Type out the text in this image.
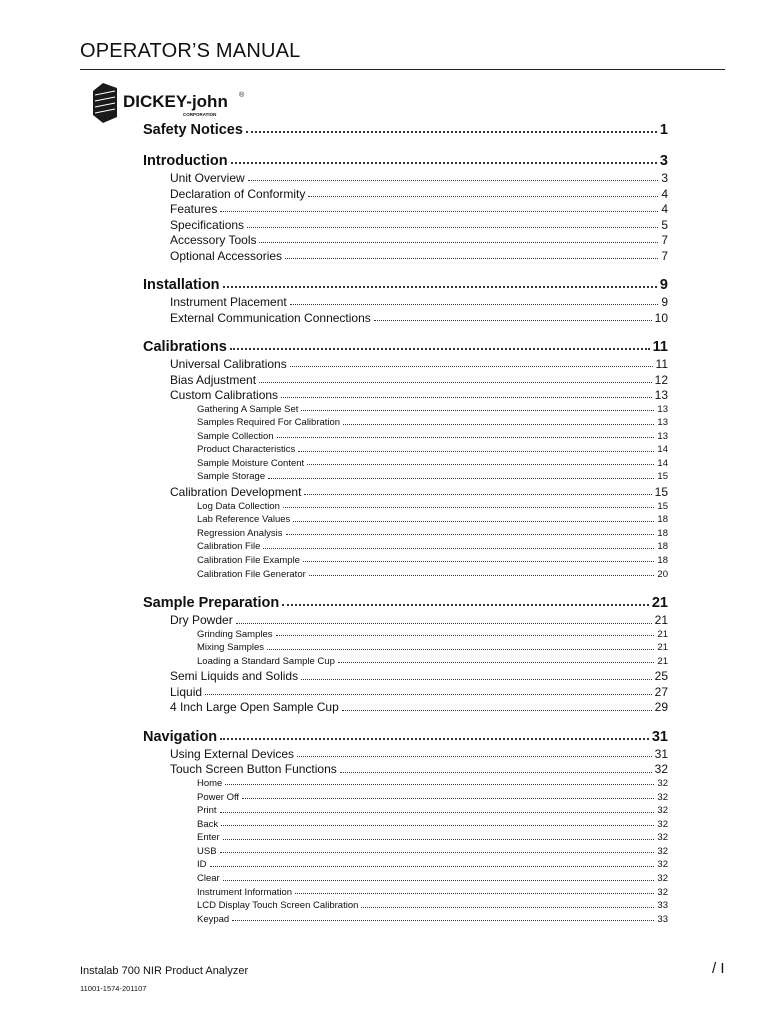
OPERATOR’S MANUAL
DICKEY-john ®
CORPORATION
Safety Notices	1
Introduction	3
Unit Overview	3
Declaration of Conformity	4
Features	4
Specifications	5
Accessory Tools	7
Optional Accessories	7
Installation	9
Instrument Placement	9
External Communication Connections	10
Calibrations	11
Universal Calibrations	11
Bias Adjustment	12
Custom Calibrations	13
Gathering A Sample Set	13
Samples Required For Calibration	13
Sample Collection	13
Product Characteristics	14
Sample Moisture Content	14
Sample Storage	15
Calibration Development	15
Log Data Collection	15
Lab Reference Values	18
Regression Analysis	18
Calibration File	18
Calibration File Example	18
Calibration File Generator	20
Sample Preparation	21
Dry Powder	21
Grinding Samples	21
Mixing Samples	21
Loading a Standard Sample Cup	21
Semi Liquids and Solids	25
Liquid	27
4 Inch Large Open Sample Cup	29
Navigation	31
Using External Devices	31
Touch Screen Button Functions	32
Home	32
Power Off	32
Print	32
Back	32
Enter	32
USB	32
ID	32
Clear	32
Instrument Information	32
LCD Display Touch Screen Calibration	33
Keypad	33
Instalab 700 NIR Product Analyzer
11001-1574-201107
/ I
